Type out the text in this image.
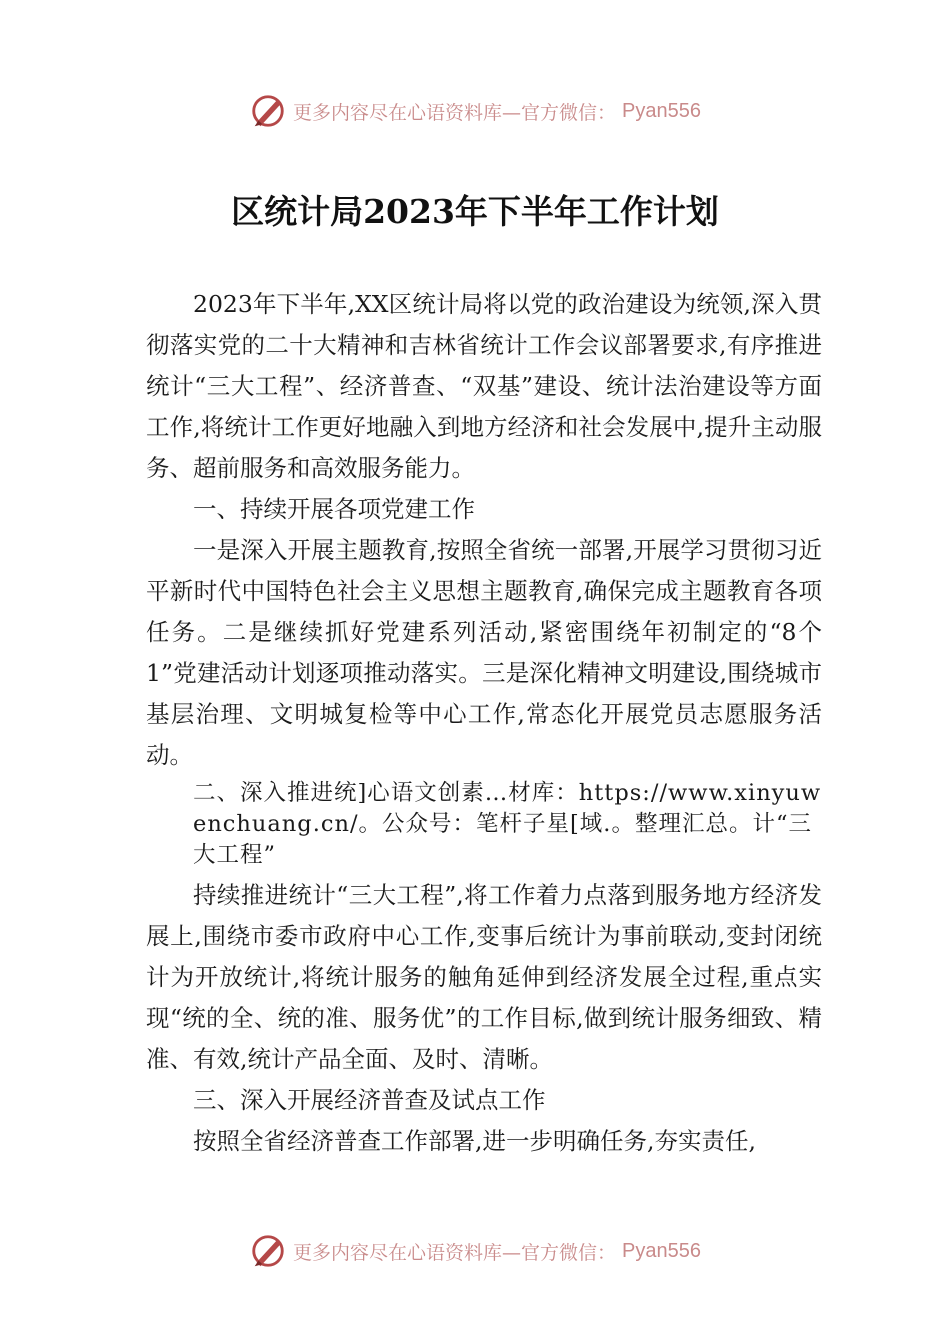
更多内容尽在心语资料库—官方微信： Pyan556
区统计局2023年下半年工作计划

2023年下半年,XX区统计局将以党的政治建设为统领,深入贯彻落实党的二十大精神和吉林省统计工作会议部署要求,有序推进统计“三大工程”、经济普查、“双基”建设、统计法治建设等方面工作,将统计工作更好地融入到地方经济和社会发展中,提升主动服务、超前服务和高效服务能力。

一、持续开展各项党建工作

一是深入开展主题教育,按照全省统一部署,开展学习贯彻习近平新时代中国特色社会主义思想主题教育,确保完成主题教育各项任务。二是继续抓好党建系列活动,紧密围绕年初制定的“8个 1”党建活动计划逐项推动落实。三是深化精神文明建设,围绕城市基层治理、文明城复检等中心工作,常态化开展党员志愿服务活动。

二、深入推进统]心语文创素…材库：https://www.xinyuwenchuang.cn/。公众号：笔杆子星[域.。整理汇总。计“三大工程”

持续推进统计“三大工程”,将工作着力点落到服务地方经济发展上,围绕市委市政府中心工作,变事后统计为事前联动,变封闭统计为开放统计,将统计服务的触角延伸到经济发展全过程,重点实现“统的全、统的准、服务优”的工作目标,做到统计服务细致、精准、有效,统计产品全面、及时、清晰。

三、深入开展经济普查及试点工作

按照全省经济普查工作部署,进一步明确任务,夯实责任,

更多内容尽在心语资料库—官方微信： Pyan556
